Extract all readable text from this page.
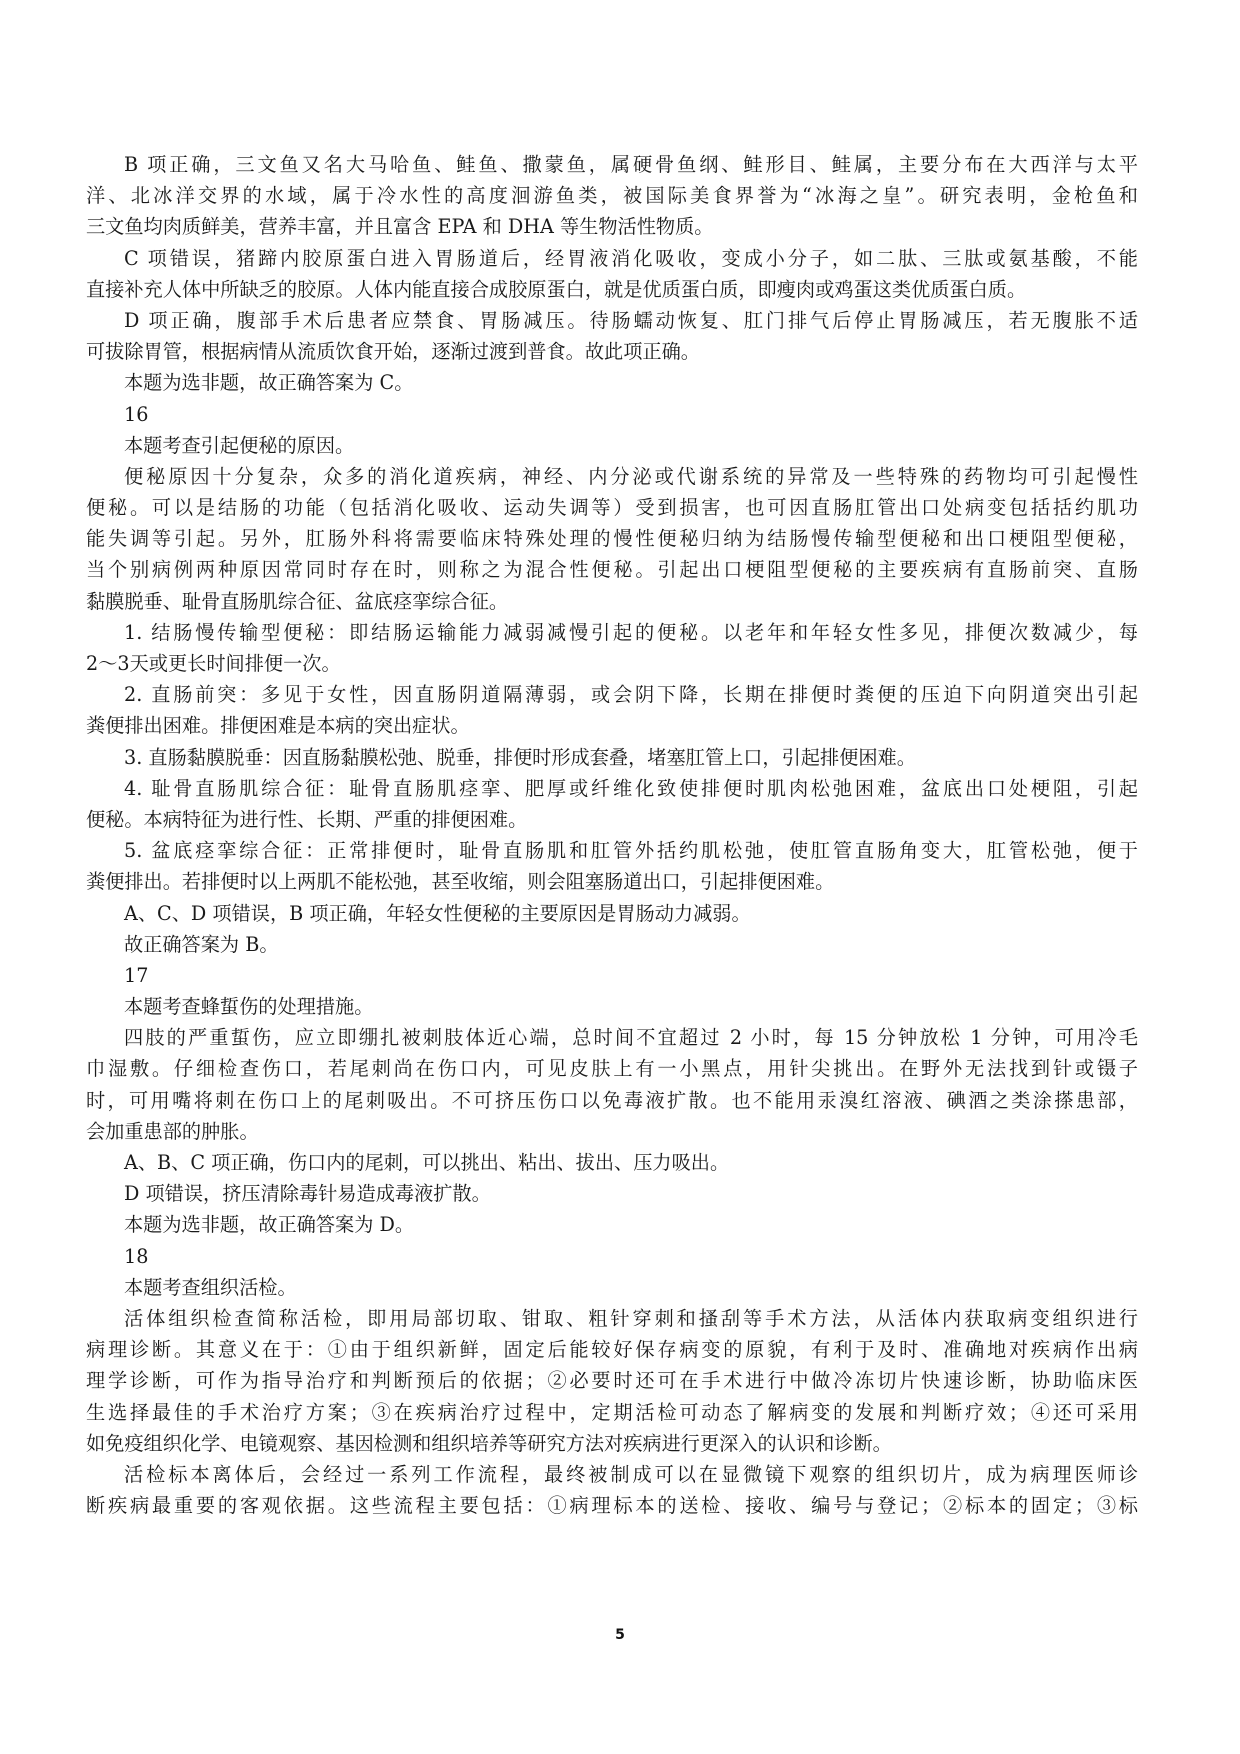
B 项正确，三文鱼又名大马哈鱼、鲑鱼、撒蒙鱼，属硬骨鱼纲、鲑形目、鲑属，主要分布在大西洋与太平
洋、北冰洋交界的水域，属于冷水性的高度洄游鱼类，被国际美食界誉为“冰海之皇”。研究表明，金枪鱼和
三文鱼均肉质鲜美，营养丰富，并且富含 EPA 和 DHA 等生物活性物质。
C 项错误，猪蹄内胶原蛋白进入胃肠道后，经胃液消化吸收，变成小分子，如二肽、三肽或氨基酸，不能
直接补充人体中所缺乏的胶原。人体内能直接合成胶原蛋白，就是优质蛋白质，即瘦肉或鸡蛋这类优质蛋白质。
D 项正确，腹部手术后患者应禁食、胃肠减压。待肠蠕动恢复、肛门排气后停止胃肠减压，若无腹胀不适
可拔除胃管，根据病情从流质饮食开始，逐渐过渡到普食。故此项正确。
本题为选非题，故正确答案为 C。
16
本题考查引起便秘的原因。
便秘原因十分复杂，众多的消化道疾病，神经、内分泌或代谢系统的异常及一些特殊的药物均可引起慢性
便秘。可以是结肠的功能（包括消化吸收、运动失调等）受到损害，也可因直肠肛管出口处病变包括括约肌功
能失调等引起。另外，肛肠外科将需要临床特殊处理的慢性便秘归纳为结肠慢传输型便秘和出口梗阻型便秘，
当个别病例两种原因常同时存在时，则称之为混合性便秘。引起出口梗阻型便秘的主要疾病有直肠前突、直肠
黏膜脱垂、耻骨直肠肌综合征、盆底痉挛综合征。
1. 结肠慢传输型便秘：即结肠运输能力减弱减慢引起的便秘。以老年和年轻女性多见，排便次数减少，每
2～3天或更长时间排便一次。
2. 直肠前突：多见于女性，因直肠阴道隔薄弱，或会阴下降，长期在排便时粪便的压迫下向阴道突出引起
粪便排出困难。排便困难是本病的突出症状。
3. 直肠黏膜脱垂：因直肠黏膜松弛、脱垂，排便时形成套叠，堵塞肛管上口，引起排便困难。
4. 耻骨直肠肌综合征：耻骨直肠肌痉挛、肥厚或纤维化致使排便时肌肉松弛困难，盆底出口处梗阻，引起
便秘。本病特征为进行性、长期、严重的排便困难。
5. 盆底痉挛综合征：正常排便时，耻骨直肠肌和肛管外括约肌松弛，使肛管直肠角变大，肛管松弛，便于
粪便排出。若排便时以上两肌不能松弛，甚至收缩，则会阻塞肠道出口，引起排便困难。
A、C、D 项错误，B 项正确，年轻女性便秘的主要原因是胃肠动力减弱。
故正确答案为 B。
17
本题考查蜂蜇伤的处理措施。
四肢的严重蜇伤，应立即绷扎被刺肢体近心端，总时间不宜超过 2 小时，每 15 分钟放松 1 分钟，可用冷毛
巾湿敷。仔细检查伤口，若尾刺尚在伤口内，可见皮肤上有一小黑点，用针尖挑出。在野外无法找到针或镊子
时，可用嘴将刺在伤口上的尾刺吸出。不可挤压伤口以免毒液扩散。也不能用汞溴红溶液、碘酒之类涂搽患部，
会加重患部的肿胀。
A、B、C 项正确，伤口内的尾刺，可以挑出、粘出、拔出、压力吸出。
D 项错误，挤压清除毒针易造成毒液扩散。
本题为选非题，故正确答案为 D。
18
本题考查组织活检。
活体组织检查简称活检，即用局部切取、钳取、粗针穿刺和搔刮等手术方法，从活体内获取病变组织进行
病理诊断。其意义在于：①由于组织新鲜，固定后能较好保存病变的原貌，有利于及时、准确地对疾病作出病
理学诊断，可作为指导治疗和判断预后的依据；②必要时还可在手术进行中做冷冻切片快速诊断，协助临床医
生选择最佳的手术治疗方案；③在疾病治疗过程中，定期活检可动态了解病变的发展和判断疗效；④还可采用
如免疫组织化学、电镜观察、基因检测和组织培养等研究方法对疾病进行更深入的认识和诊断。
活检标本离体后，会经过一系列工作流程，最终被制成可以在显微镜下观察的组织切片，成为病理医师诊
断疾病最重要的客观依据。这些流程主要包括：①病理标本的送检、接收、编号与登记；②标本的固定；③标
5
